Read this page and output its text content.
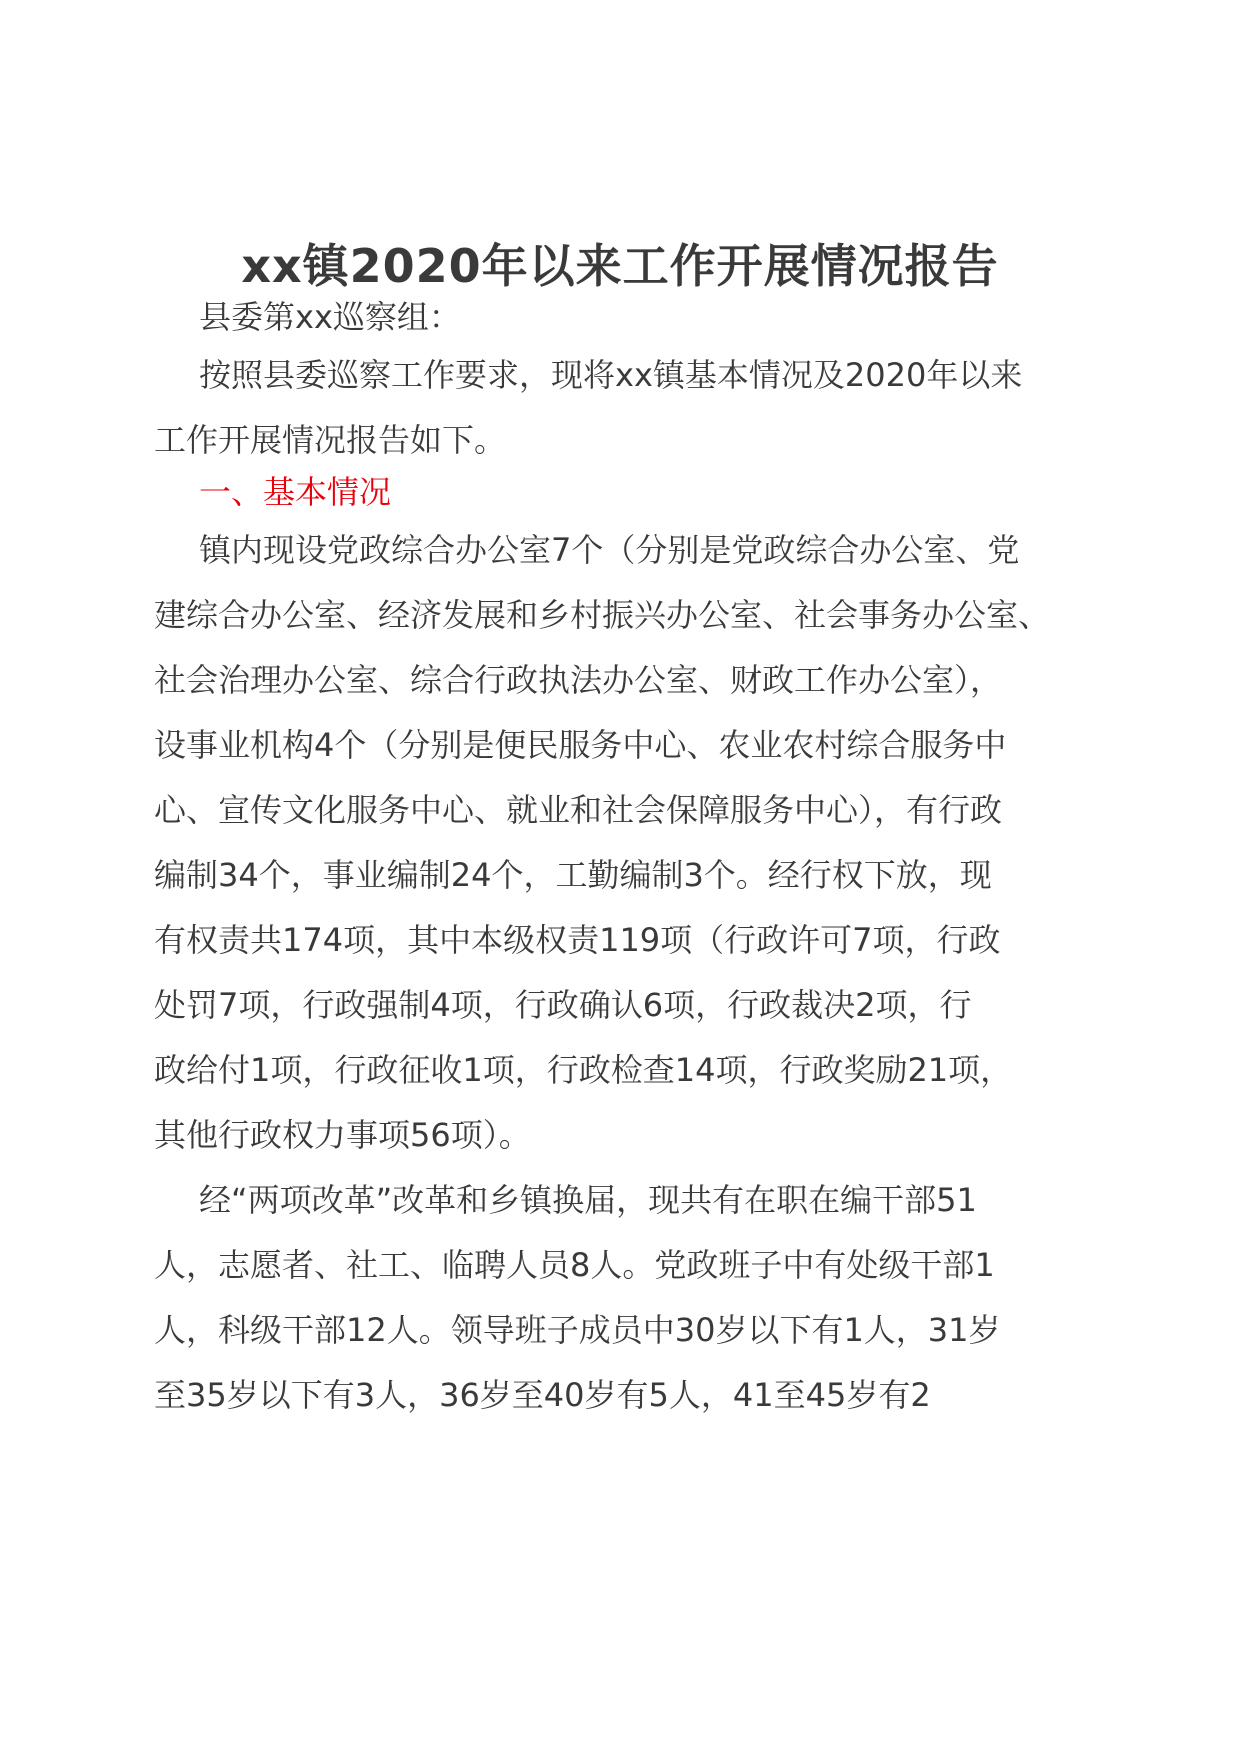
xx镇2020年以来工作开展情况报告
县委第xx巡察组：
按照县委巡察工作要求，现将xx镇基本情况及2020年以来
工作开展情况报告如下。
一、基本情况
镇内现设党政综合办公室7个（分别是党政综合办公室、党
建综合办公室、经济发展和乡村振兴办公室、社会事务办公室、
社会治理办公室、综合行政执法办公室、财政工作办公室），
设事业机构4个（分别是便民服务中心、农业农村综合服务中
心、宣传文化服务中心、就业和社会保障服务中心），有行政
编制34个，事业编制24个，工勤编制3个。经行权下放，现
有权责共174项，其中本级权责119项（行政许可7项，行政
处罚7项，行政强制4项，行政确认6项，行政裁决2项，行
政给付1项，行政征收1项，行政检查14项，行政奖励21项，
其他行政权力事项56项）。
经“两项改革”改革和乡镇换届，现共有在职在编干部51
人，志愿者、社工、临聘人员8人。党政班子中有处级干部1
人，科级干部12人。领导班子成员中30岁以下有1人，31岁
至35岁以下有3人，36岁至40岁有5人，41至45岁有2
